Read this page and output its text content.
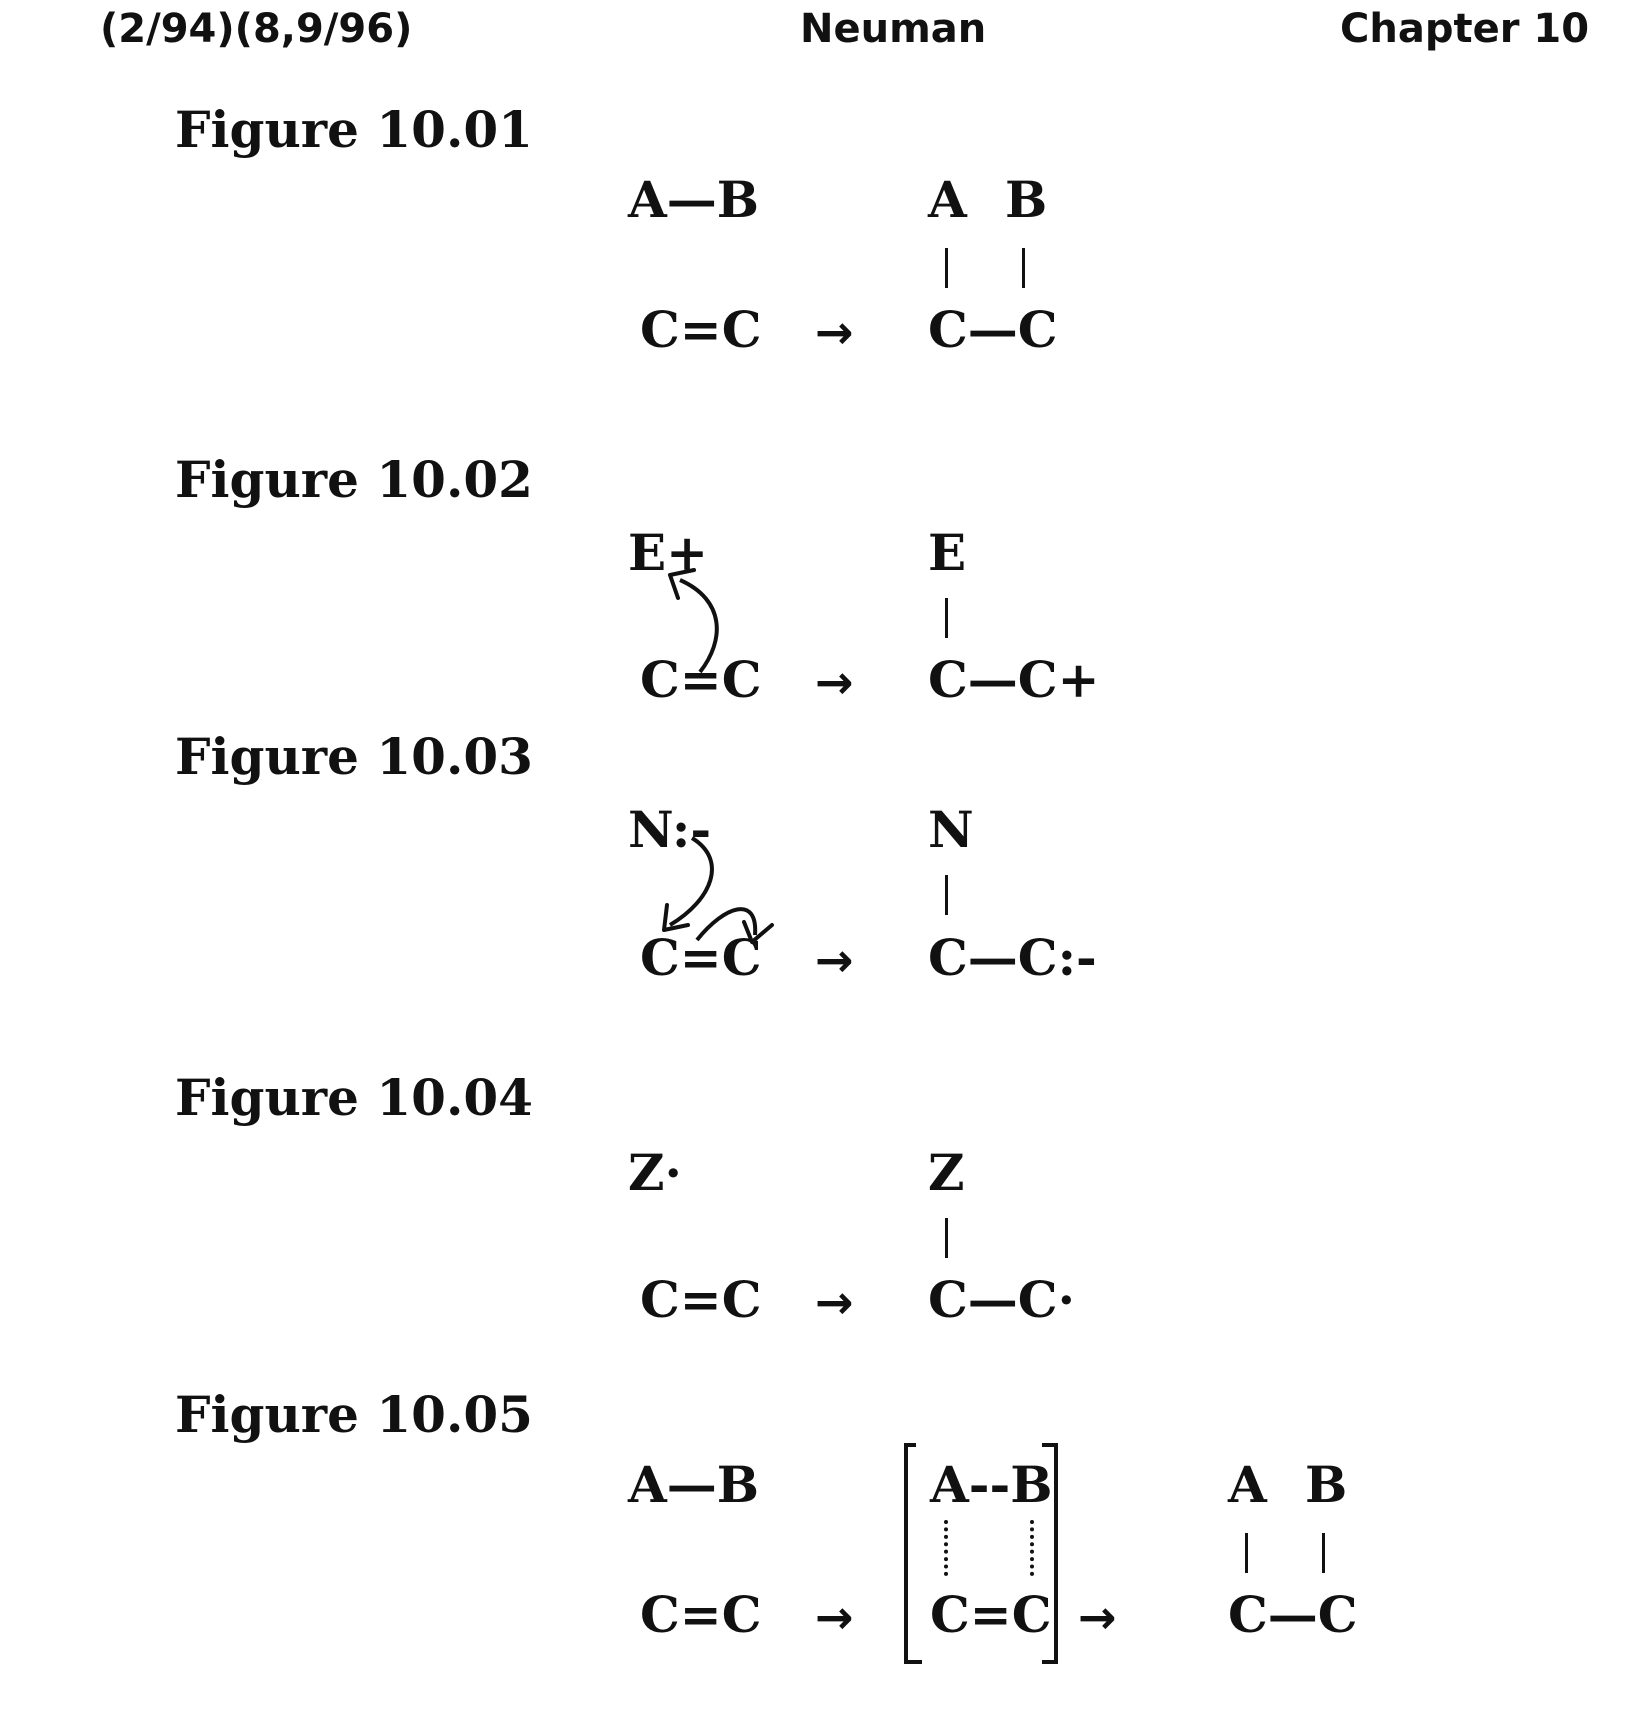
(2/94)(8,9/96)	Neuman	Chapter 10
Figure 10.01
A—B
C=C →
A B
C—C
Figure 10.02
E+
C=C →
E
C—C+
Figure 10.03
N:-
C=C →
N
C—C:-
Figure 10.04
Z·
C=C →
Z
C—C·
Figure 10.05
A—B
C=C →
A--B
C=C →
A B
C—C
